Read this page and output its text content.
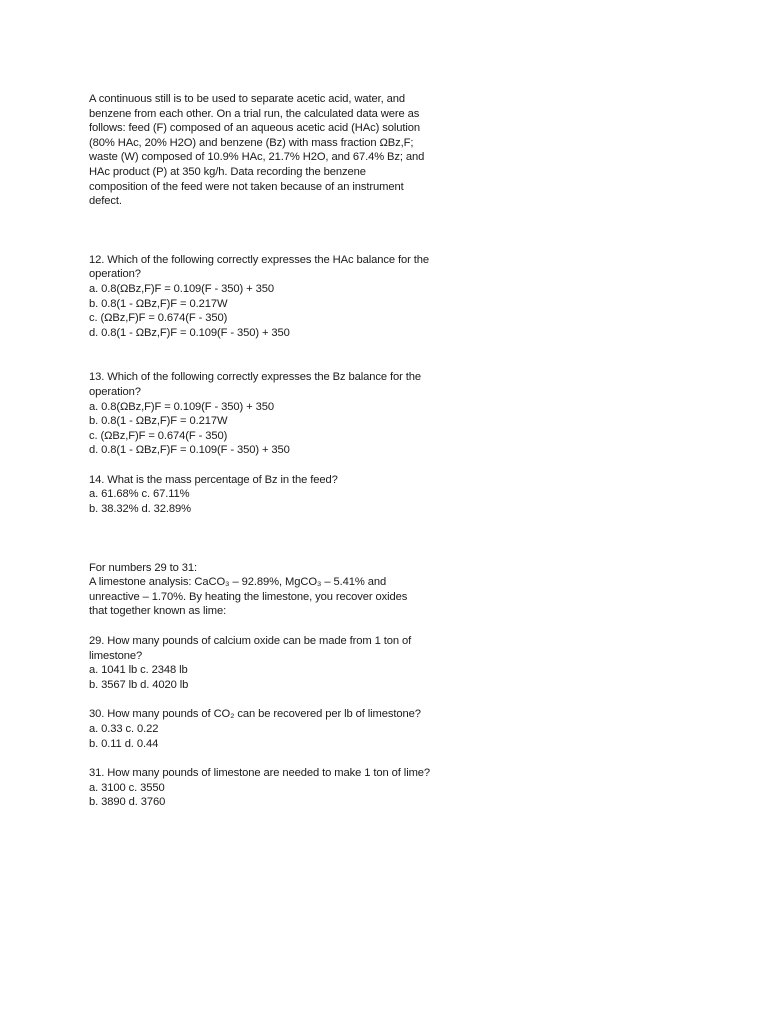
A continuous still is to be used to separate acetic acid, water, and
benzene from each other. On a trial run, the calculated data were as
follows: feed (F) composed of an aqueous acetic acid (HAc) solution
(80% HAc, 20% H2O) and benzene (Bz) with mass fraction ΩBz,F;
waste (W) composed of 10.9% HAc, 21.7% H2O, and 67.4% Bz; and
HAc product (P) at 350 kg/h. Data recording the benzene
composition of the feed were not taken because of an instrument
defect.
12. Which of the following correctly expresses the HAc balance for the
operation?
a. 0.8(ΩBz,F)F = 0.109(F - 350) + 350
b. 0.8(1 - ΩBz,F)F = 0.217W
c. (ΩBz,F)F = 0.674(F - 350)
d. 0.8(1 - ΩBz,F)F = 0.109(F - 350) + 350
13. Which of the following correctly expresses the Bz balance for the
operation?
a. 0.8(ΩBz,F)F = 0.109(F - 350) + 350
b. 0.8(1 - ΩBz,F)F = 0.217W
c. (ΩBz,F)F = 0.674(F - 350)
d. 0.8(1 - ΩBz,F)F = 0.109(F - 350) + 350
14. What is the mass percentage of Bz in the feed?
a. 61.68% c. 67.11%
b. 38.32% d. 32.89%
For numbers 29 to 31:
A limestone analysis: CaCO₃ – 92.89%, MgCO₃ – 5.41% and
unreactive – 1.70%. By heating the limestone, you recover oxides
that together known as lime:
29. How many pounds of calcium oxide can be made from 1 ton of
limestone?
a. 1041 lb c. 2348 lb
b. 3567 lb d. 4020 lb
30. How many pounds of CO₂ can be recovered per lb of limestone?
a. 0.33 c. 0.22
b. 0.11 d. 0.44
31. How many pounds of limestone are needed to make 1 ton of lime?
a. 3100 c. 3550
b. 3890 d. 3760
